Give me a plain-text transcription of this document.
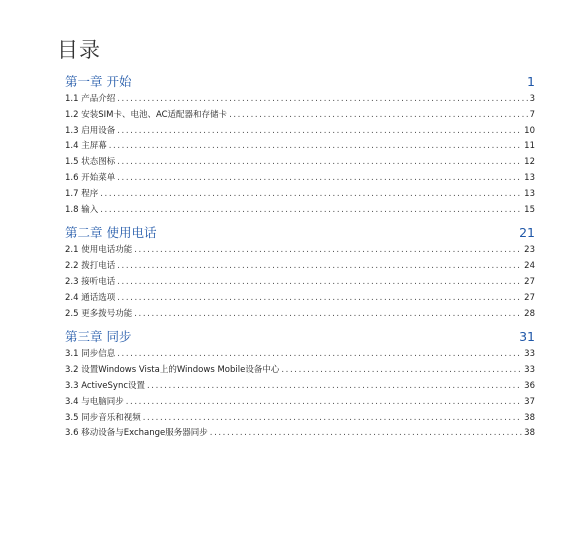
目录
第一章 开始	1
1.1 产品介绍 .....	3
1.2 安装SIM卡、电池、AC适配器和存储卡 .....	7
1.3 启用设备 .....	10
1.4 主屏幕 .....	11
1.5 状态图标 .....	12
1.6 开始菜单 .....	13
1.7 程序 .....	13
1.8 输入 .....	15
第二章 使用电话	21
2.1 使用电话功能 .....	23
2.2 拨打电话 .....	24
2.3 接听电话 .....	27
2.4 通话选项 .....	27
2.5 更多拨号功能 .....	28
第三章 同步	31
3.1 同步信息 .....	33
3.2 设置Windows Vista上的Windows Mobile设备中心 .....	33
3.3 ActiveSync设置 .....	36
3.4 与电脑同步 .....	37
3.5 同步音乐和视频 .....	38
3.6 移动设备与Exchange服务器同步 .....	38
